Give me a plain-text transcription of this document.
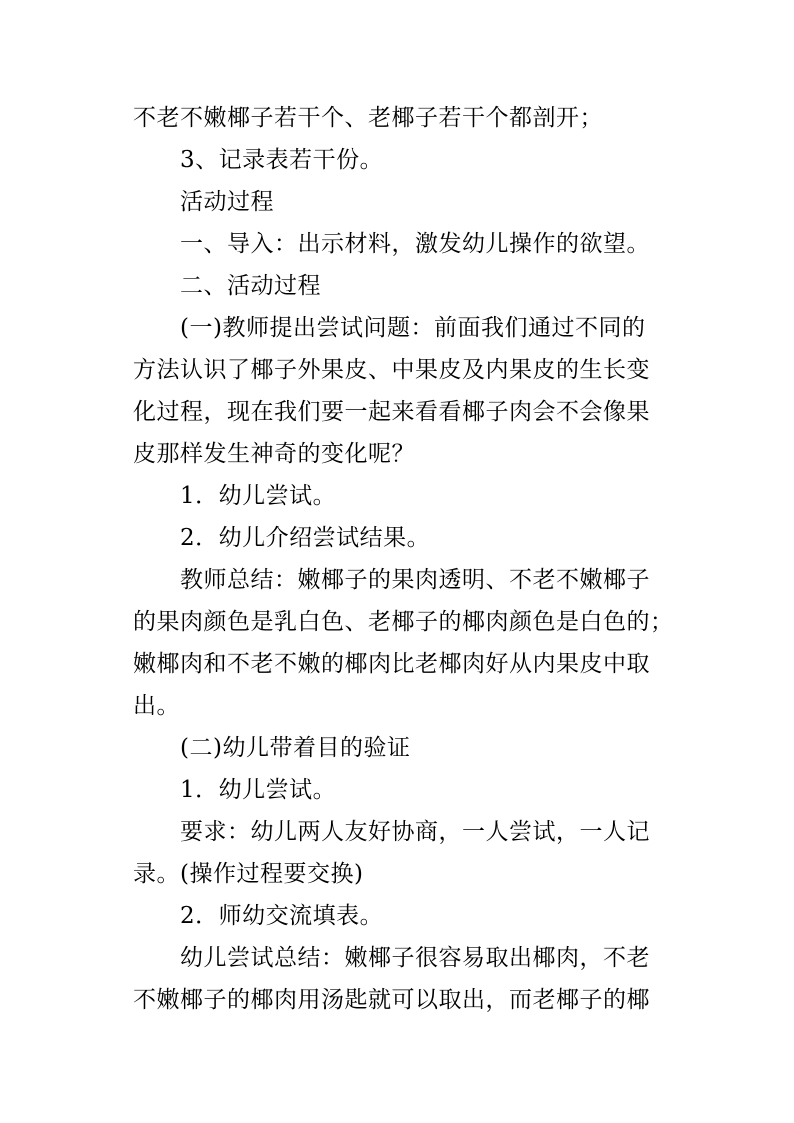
不老不嫩椰子若干个、老椰子若干个都剖开；
3、记录表若干份。
活动过程
一、导入：出示材料，激发幼儿操作的欲望。
二、活动过程
(一)教师提出尝试问题：前面我们通过不同的
方法认识了椰子外果皮、中果皮及内果皮的生长变
化过程，现在我们要一起来看看椰子肉会不会像果
皮那样发生神奇的变化呢？
1．幼儿尝试。
2．幼儿介绍尝试结果。
教师总结：嫩椰子的果肉透明、不老不嫩椰子
的果肉颜色是乳白色、老椰子的椰肉颜色是白色的；
嫩椰肉和不老不嫩的椰肉比老椰肉好从内果皮中取
出。
(二)幼儿带着目的验证
1．幼儿尝试。
要求：幼儿两人友好协商，一人尝试，一人记
录。(操作过程要交换)
2．师幼交流填表。
幼儿尝试总结：嫩椰子很容易取出椰肉，不老
不嫩椰子的椰肉用汤匙就可以取出，而老椰子的椰
